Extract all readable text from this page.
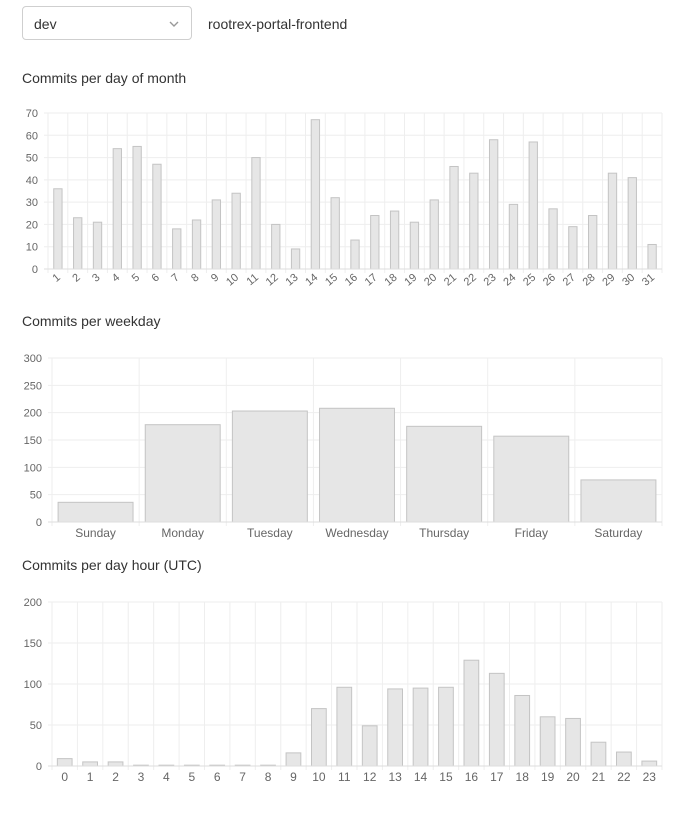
dev	rootrex-portal-frontend
Commits per day of month
0
10
20
30
40
50
60
70
1 2 3 4 5 6 7 8 9 10 11 12 13 14 15 16 17 18 19 20 21 22 23 24 25 26 27 28 29 30 31
Commits per weekday
0
50
100
150
200
250
300
Sunday	Monday	Tuesday	Wednesday	Thursday	Friday	Saturday
Commits per day hour (UTC)
0
50
100
150
200
0 1 2 3 4 5 6 7 8 9 10 11 12 13 14 15 16 17 18 19 20 21 22 23
